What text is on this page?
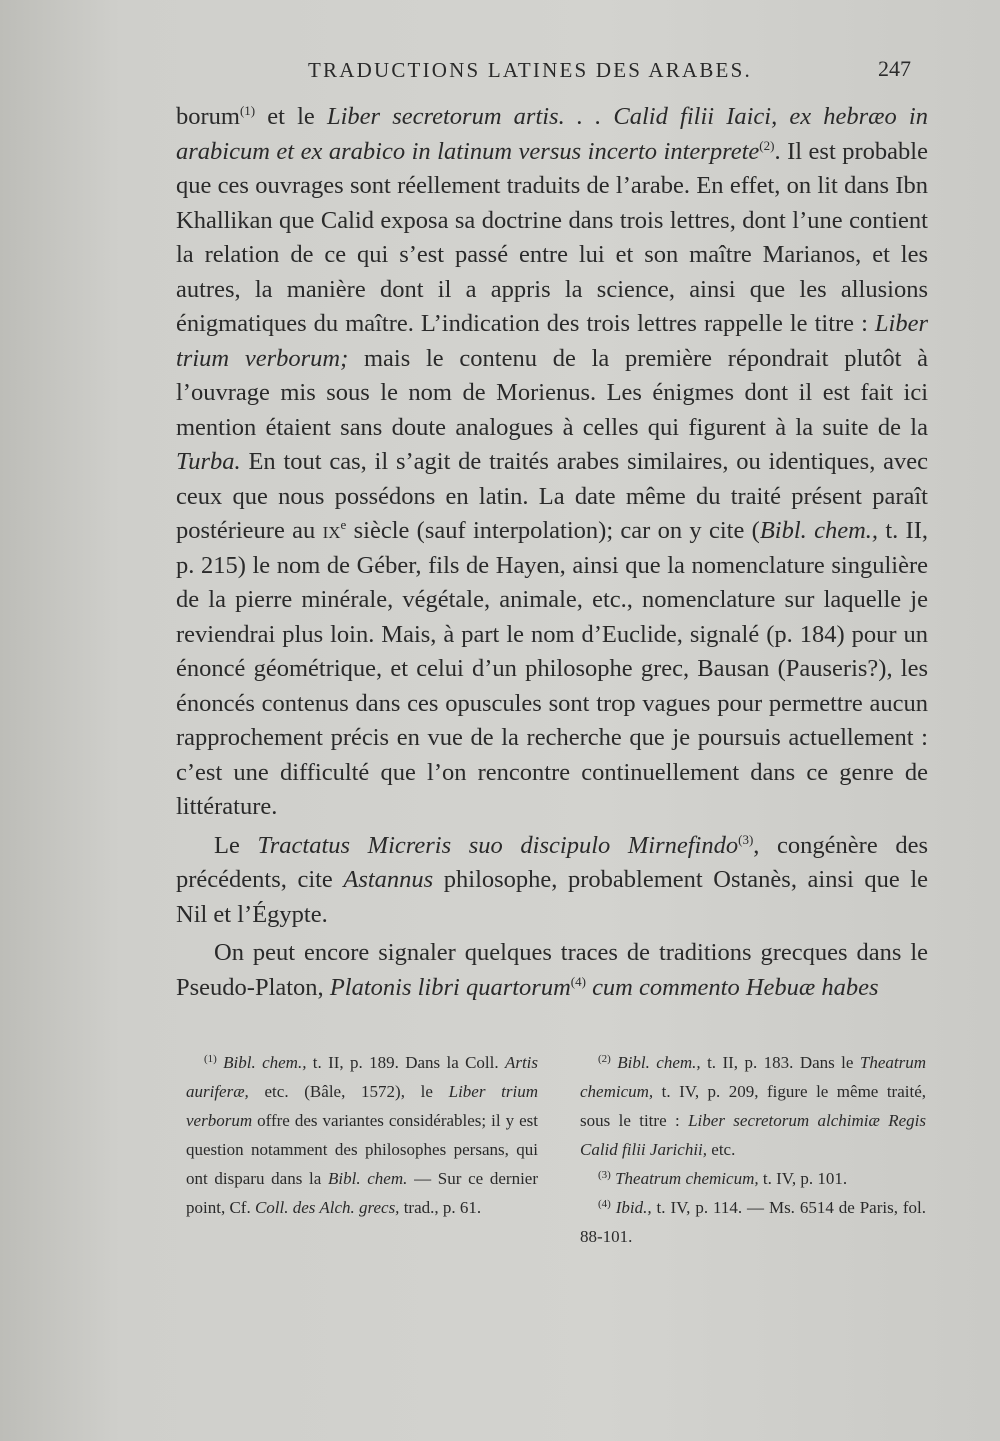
TRADUCTIONS LATINES DES ARABES.	247

borum$^{(1)}$ et le Liber secretorum artis. . . Calid filii Iaici, ex hebræo in arabicum et ex arabico in latinum versus incerto interprete$^{(2)}$. Il est probable que ces ouvrages sont réellement traduits de l’arabe. En effet, on lit dans Ibn Khallikan que Calid exposa sa doctrine dans trois lettres, dont l’une contient la relation de ce qui s’est passé entre lui et son maître Marianos, et les autres, la manière dont il a appris la science, ainsi que les allusions énigmatiques du maître. L’indication des trois lettres rappelle le titre : Liber trium verborum; mais le contenu de la première répondrait plutôt à l’ouvrage mis sous le nom de Morienus. Les énigmes dont il est fait ici mention étaient sans doute analogues à celles qui figurent à la suite de la Turba. En tout cas, il s’agit de traités arabes similaires, ou identiques, avec ceux que nous possédons en latin. La date même du traité présent paraît postérieure au $ix^e$ siècle (sauf interpolation); car on y cite (Bibl. chem., t. II, p. 215) le nom de Géber, fils de Hayen, ainsi que la nomenclature singulière de la pierre minérale, végétale, animale, etc., nomenclature sur laquelle je reviendrai plus loin. Mais, à part le nom d’Euclide, signalé (p. 184) pour un énoncé géométrique, et celui d’un philosophe grec, Bausan (Pauseris?), les énoncés contenus dans ces opuscules sont trop vagues pour permettre aucun rapprochement précis en vue de la recherche que je poursuis actuellement : c’est une difficulté que l’on rencontre continuellement dans ce genre de littérature.

Le Tractatus Micreris suo discipulo Mirnefindo$^{(3)}$, congénère des précédents, cite Astannus philosophe, probablement Ostanès, ainsi que le Nil et l’Égypte.

On peut encore signaler quelques traces de traditions grecques dans le Pseudo-Platon, Platonis libri quartorum$^{(4)}$ cum commento Hebuæ habes

$^{(1)}$ Bibl. chem., t. II, p. 189. Dans la Coll. Artis auriferæ, etc. (Bâle, 1572), le Liber trium verborum offre des variantes considérables; il y est question notamment des philosophes persans, qui ont disparu dans la Bibl. chem. — Sur ce dernier point, Cf. Coll. des Alch. grecs, trad., p. 61.

$^{(2)}$ Bibl. chem., t. II, p. 183. Dans le Theatrum chemicum, t. IV, p. 209, figure le même traité, sous le titre : Liber secretorum alchimiæ Regis Calid filii Jarichii, etc.

$^{(3)}$ Theatrum chemicum, t. IV, p. 101.

$^{(4)}$ Ibid., t. IV, p. 114. — Ms. 6514 de Paris, fol. 88-101.
